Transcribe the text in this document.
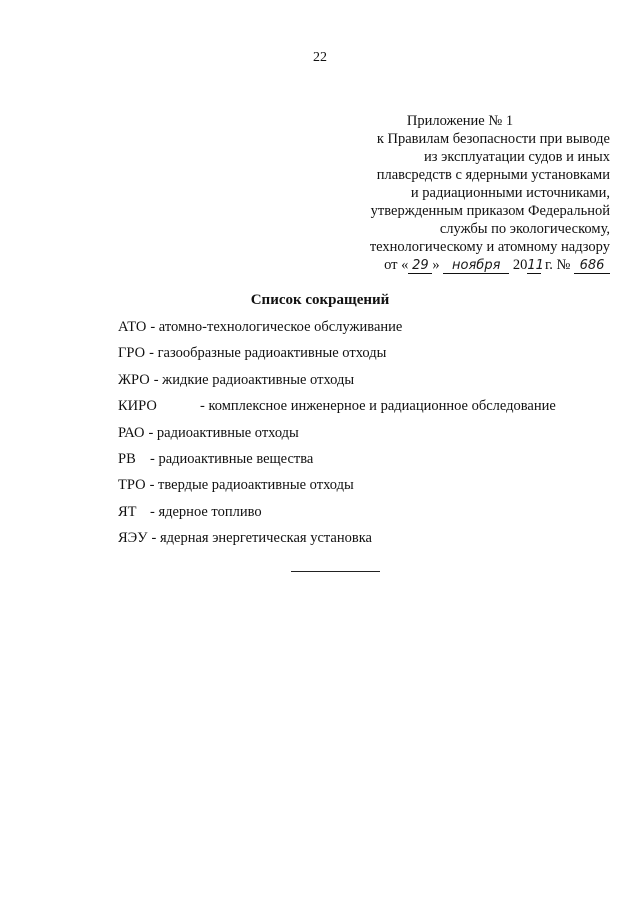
22
Приложение № 1
к Правилам безопасности при выводе
из эксплуатации судов и иных
плавсредств с ядерными установками
и радиационными источниками,
утвержденным приказом Федеральной
службы по экологическому,
технологическому и атомному надзору
от « 29 » ноября 2011 г. № 686
Список сокращений
АТО - атомно-технологическое обслуживание
ГРО - газообразные радиоактивные отходы
ЖРО - жидкие радиоактивные отходы
КИРО	- комплексное инженерное и радиационное обследование
РАО - радиоактивные отходы
РВ - радиоактивные вещества
ТРО - твердые радиоактивные отходы
ЯТ - ядерное топливо
ЯЭУ - ядерная энергетическая установка
